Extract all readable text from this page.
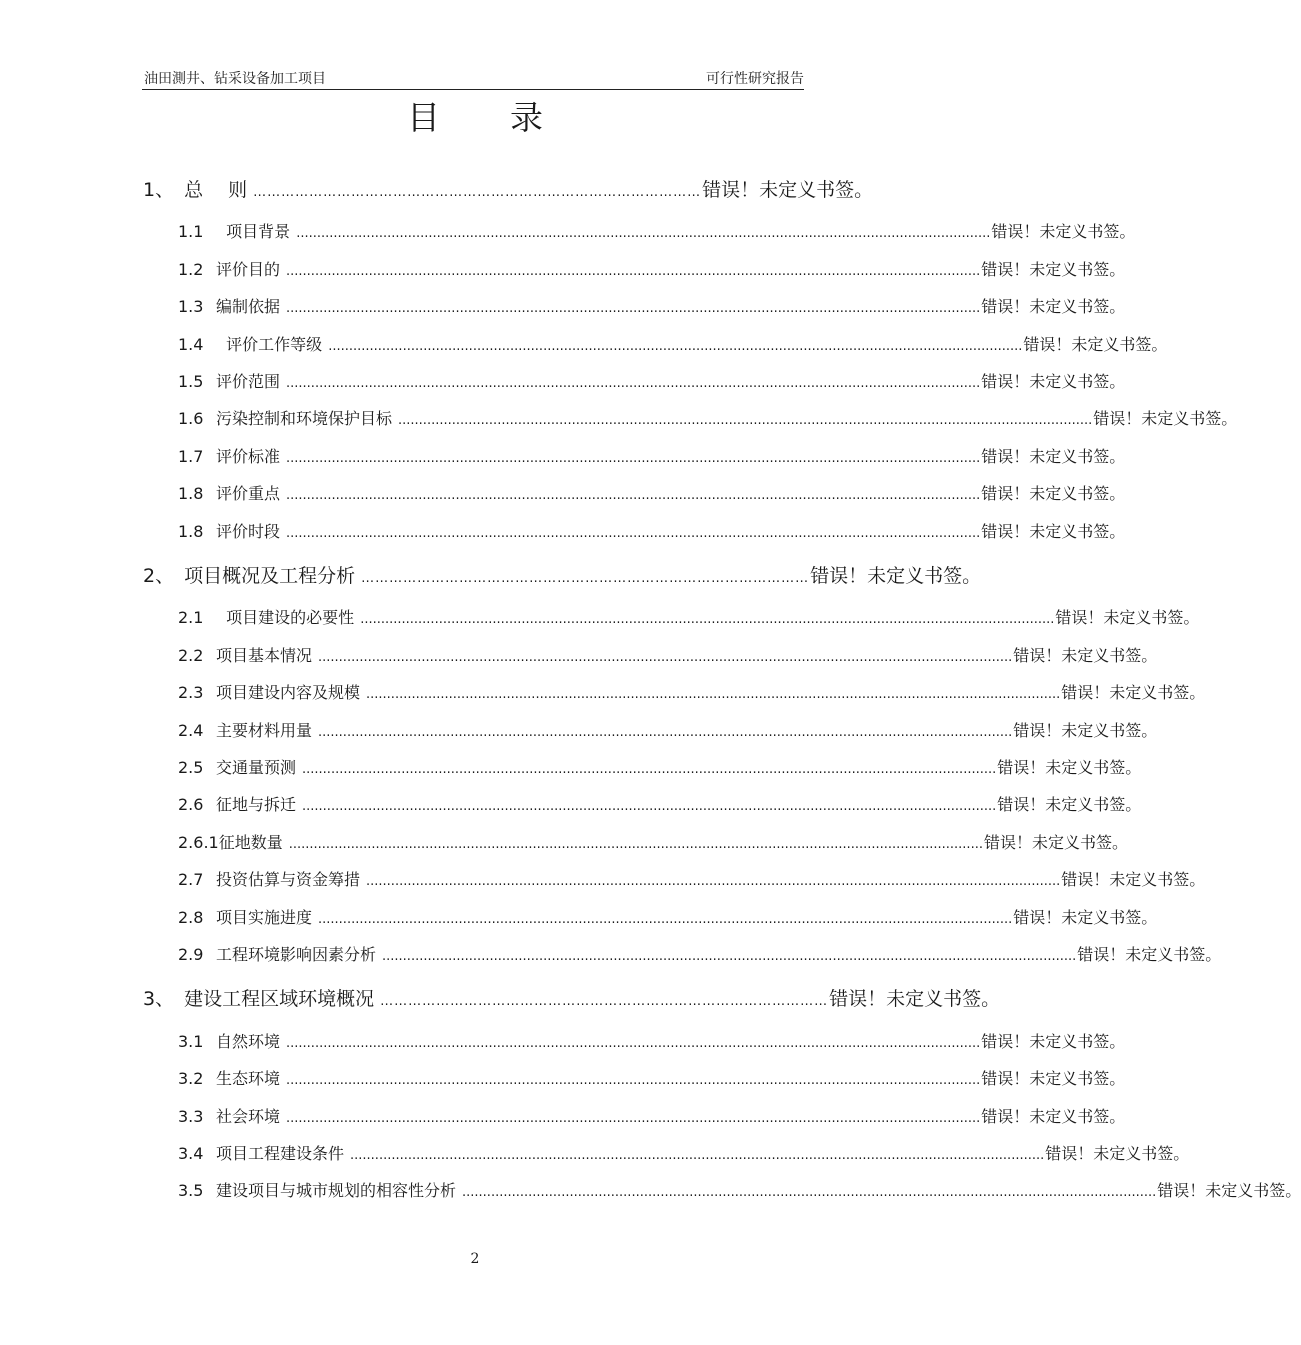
油田測井、钻采设备加工项目	可行性研究报告
目 录
1、 总　 则 …………………………………………………………………………………… 错误！未定义书签。
1.1  项目背景 ........................................................................................................................................................................ 错误！未定义书签。
1.2 评价目的 ........................................................................................................................................................................ 错误！未定义书签。
1.3 编制依据 ........................................................................................................................................................................ 错误！未定义书签。
1.4  评价工作等级 ........................................................................................................................................................................ 错误！未定义书签。
1.5 评价范围 ........................................................................................................................................................................ 错误！未定义书签。
1.6 污染控制和环境保护目标 ........................................................................................................................................................................ 错误！未定义书签。
1.7 评价标准 ........................................................................................................................................................................ 错误！未定义书签。
1.8 评价重点 ........................................................................................................................................................................ 错误！未定义书签。
1.8 评价时段 ........................................................................................................................................................................ 错误！未定义书签。
2、 项目概况及工程分析 …………………………………………………………………………………… 错误！未定义书签。
2.1  项目建设的必要性 ........................................................................................................................................................................ 错误！未定义书签。
2.2 项目基本情况 ........................................................................................................................................................................ 错误！未定义书签。
2.3 项目建设内容及规模 ........................................................................................................................................................................ 错误！未定义书签。
2.4 主要材料用量 ........................................................................................................................................................................ 错误！未定义书签。
2.5 交通量预测 ........................................................................................................................................................................ 错误！未定义书签。
2.6 征地与拆迁 ........................................................................................................................................................................ 错误！未定义书签。
2.6.1征地数量 ........................................................................................................................................................................ 错误！未定义书签。
2.7 投资估算与资金筹措 ........................................................................................................................................................................ 错误！未定义书签。
2.8 项目实施进度 ........................................................................................................................................................................ 错误！未定义书签。
2.9 工程环境影响因素分析 ........................................................................................................................................................................ 错误！未定义书签。
3、 建设工程区域环境概况 …………………………………………………………………………………… 错误！未定义书签。
3.1 自然环境 ........................................................................................................................................................................ 错误！未定义书签。
3.2 生态环境 ........................................................................................................................................................................ 错误！未定义书签。
3.3 社会环境 ........................................................................................................................................................................ 错误！未定义书签。
3.4 项目工程建设条件 ........................................................................................................................................................................ 错误！未定义书签。
3.5 建设项目与城市规划的相容性分析 ........................................................................................................................................................................ 错误！未定义书签。
2
